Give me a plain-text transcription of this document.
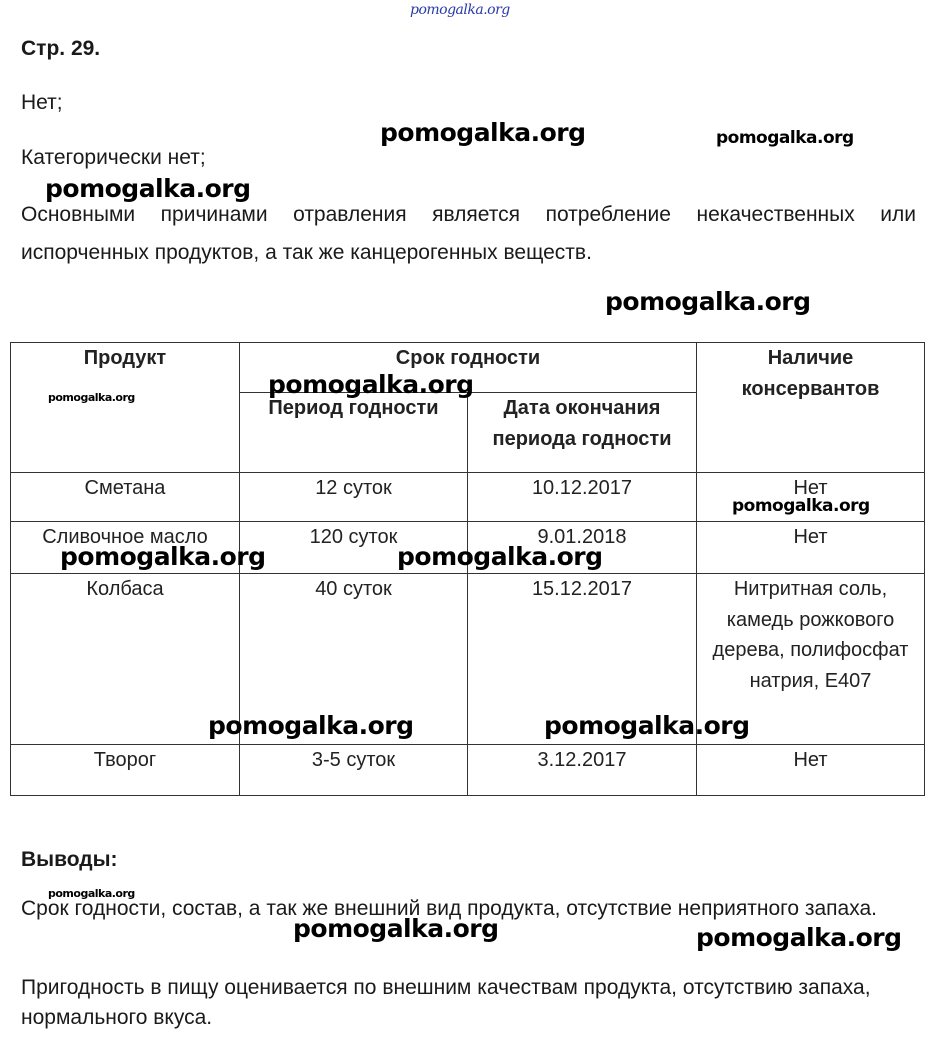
pomogalka.org
Стр. 29.
Нет;
Категорически нет;
Основными причинами отравления является потребление некачественных или испорченных продуктов, а так же канцерогенных веществ.
Продукт	Срок годности		Наличие консервантов
	Период годности	Дата окончания периода годности	
Сметана	12 суток	10.12.2017	Нет
Сливочное масло	120 суток	9.01.2018	Нет
Колбаса	40 суток	15.12.2017	Нитритная соль, камедь рожкового дерева, полифосфат натрия, Е407
Творог	3-5 суток	3.12.2017	Нет
Выводы:
Срок годности, состав, а так же внешний вид продукта, отсутствие неприятного запаха.
Пригодность в пищу оценивается по внешним качествам продукта, отсутствию запаха, нормального вкуса.
pomogalka.org	pomogalka.org
pomogalka.org
pomogalka.org
pomogalka.org
pomogalka.org
pomogalka.org
pomogalka.org	pomogalka.org
pomogalka.org	pomogalka.org
pomogalka.org
pomogalka.org	pomogalka.org
